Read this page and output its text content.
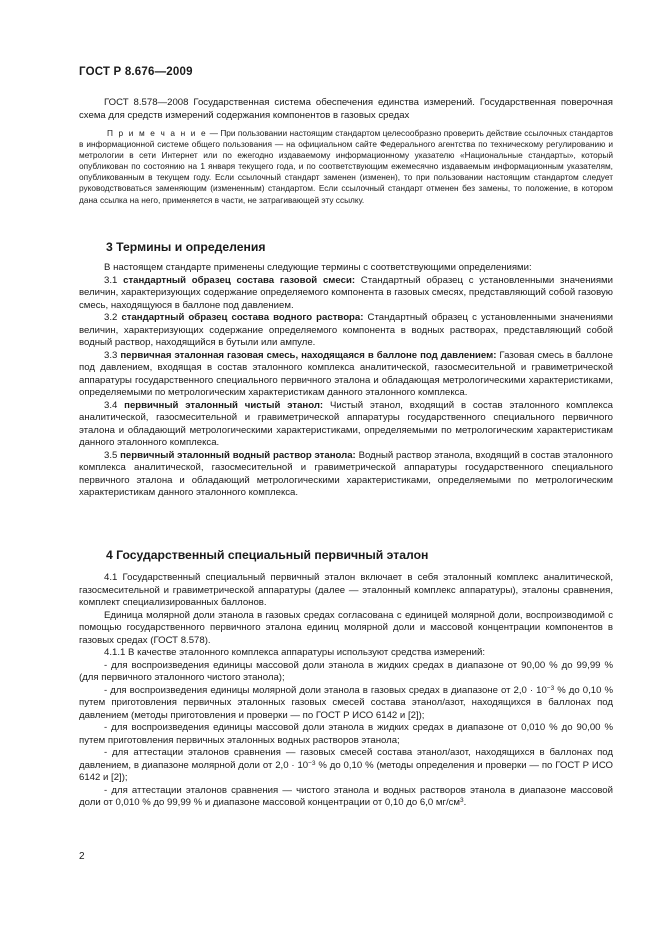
ГОСТ Р 8.676—2009

ГОСТ 8.578—2008 Государственная система обеспечения единства измерений. Государственная поверочная схема для средств измерений содержания компонентов в газовых средах

П р и м е ч а н и е — При пользовании настоящим стандартом целесообразно проверить действие ссылочных стандартов в информационной системе общего пользования — на официальном сайте Федерального агентства по техническому регулированию и метрологии в сети Интернет или по ежегодно издаваемому информационному указателю «Национальные стандарты», который опубликован по состоянию на 1 января текущего года, и по соответствующим ежемесячно издаваемым информационным указателям, опубликованным в текущем году. Если ссылочный стандарт заменен (изменен), то при пользовании настоящим стандартом следует руководствоваться заменяющим (измененным) стандартом. Если ссылочный стандарт отменен без замены, то положение, в котором дана ссылка на него, применяется в части, не затрагивающей эту ссылку.

3 Термины и определения

В настоящем стандарте применены следующие термины с соответствующими определениями:

3.1 стандартный образец состава газовой смеси: Стандартный образец с установленными значениями величин, характеризующих содержание определяемого компонента в газовых смесях, представляющий собой газовую смесь, находящуюся в баллоне под давлением.

3.2 стандартный образец состава водного раствора: Стандартный образец с установленными значениями величин, характеризующих содержание определяемого компонента в водных растворах, представляющий собой водный раствор, находящийся в бутыли или ампуле.

3.3 первичная эталонная газовая смесь, находящаяся в баллоне под давлением: Газовая смесь в баллоне под давлением, входящая в состав эталонного комплекса аналитической, газосмесительной и гравиметрической аппаратуры государственного специального первичного эталона и обладающая метрологическими характеристиками, определяемыми по метрологическим характеристикам данного эталонного комплекса.

3.4 первичный эталонный чистый этанол: Чистый этанол, входящий в состав эталонного комплекса аналитической, газосмесительной и гравиметрической аппаратуры государственного специального первичного эталона и обладающий метрологическими характеристиками, определяемыми по метрологическим характеристикам данного эталонного комплекса.

3.5 первичный эталонный водный раствор этанола: Водный раствор этанола, входящий в состав эталонного комплекса аналитической, газосмесительной и гравиметрической аппаратуры государственного специального первичного эталона и обладающий метрологическими характеристиками, определяемыми по метрологическим характеристикам данного эталонного комплекса.

4 Государственный специальный первичный эталон

4.1 Государственный специальный первичный эталон включает в себя эталонный комплекс аналитической, газосмесительной и гравиметрической аппаратуры (далее — эталонный комплекс аппаратуры), эталоны сравнения, комплект специализированных баллонов.

Единица молярной доли этанола в газовых средах согласована с единицей молярной доли, воспроизводимой с помощью государственного первичного эталона единиц молярной доли и массовой концентрации компонентов в газовых средах (ГОСТ 8.578).

4.1.1 В качестве эталонного комплекса аппаратуры используют средства измерений:

- для воспроизведения единицы массовой доли этанола в жидких средах в диапазоне от 90,00 % до 99,99 % (для первичного эталонного чистого этанола);

- для воспроизведения единицы молярной доли этанола в газовых средах в диапазоне от $2,0 \cdot 10^{-3}$ % до 0,10 % путем приготовления первичных эталонных газовых смесей состава этанол/азот, находящихся в баллонах под давлением (методы приготовления и проверки — по ГОСТ Р ИСО 6142 и [2]);

- для воспроизведения единицы массовой доли этанола в жидких средах в диапазоне от 0,010 % до 90,00 % путем приготовления первичных эталонных водных растворов этанола;

- для аттестации эталонов сравнения — газовых смесей состава этанол/азот, находящихся в баллонах под давлением, в диапазоне молярной доли от $2,0 \cdot 10^{-3}$ % до 0,10 % (методы определения и проверки — по ГОСТ Р ИСО 6142 и [2]);

- для аттестации эталонов сравнения — чистого этанола и водных растворов этанола в диапазоне массовой доли от 0,010 % до 99,99 % и диапазоне массовой концентрации от 0,10 до 6,0 $мг/см^3$.

2
